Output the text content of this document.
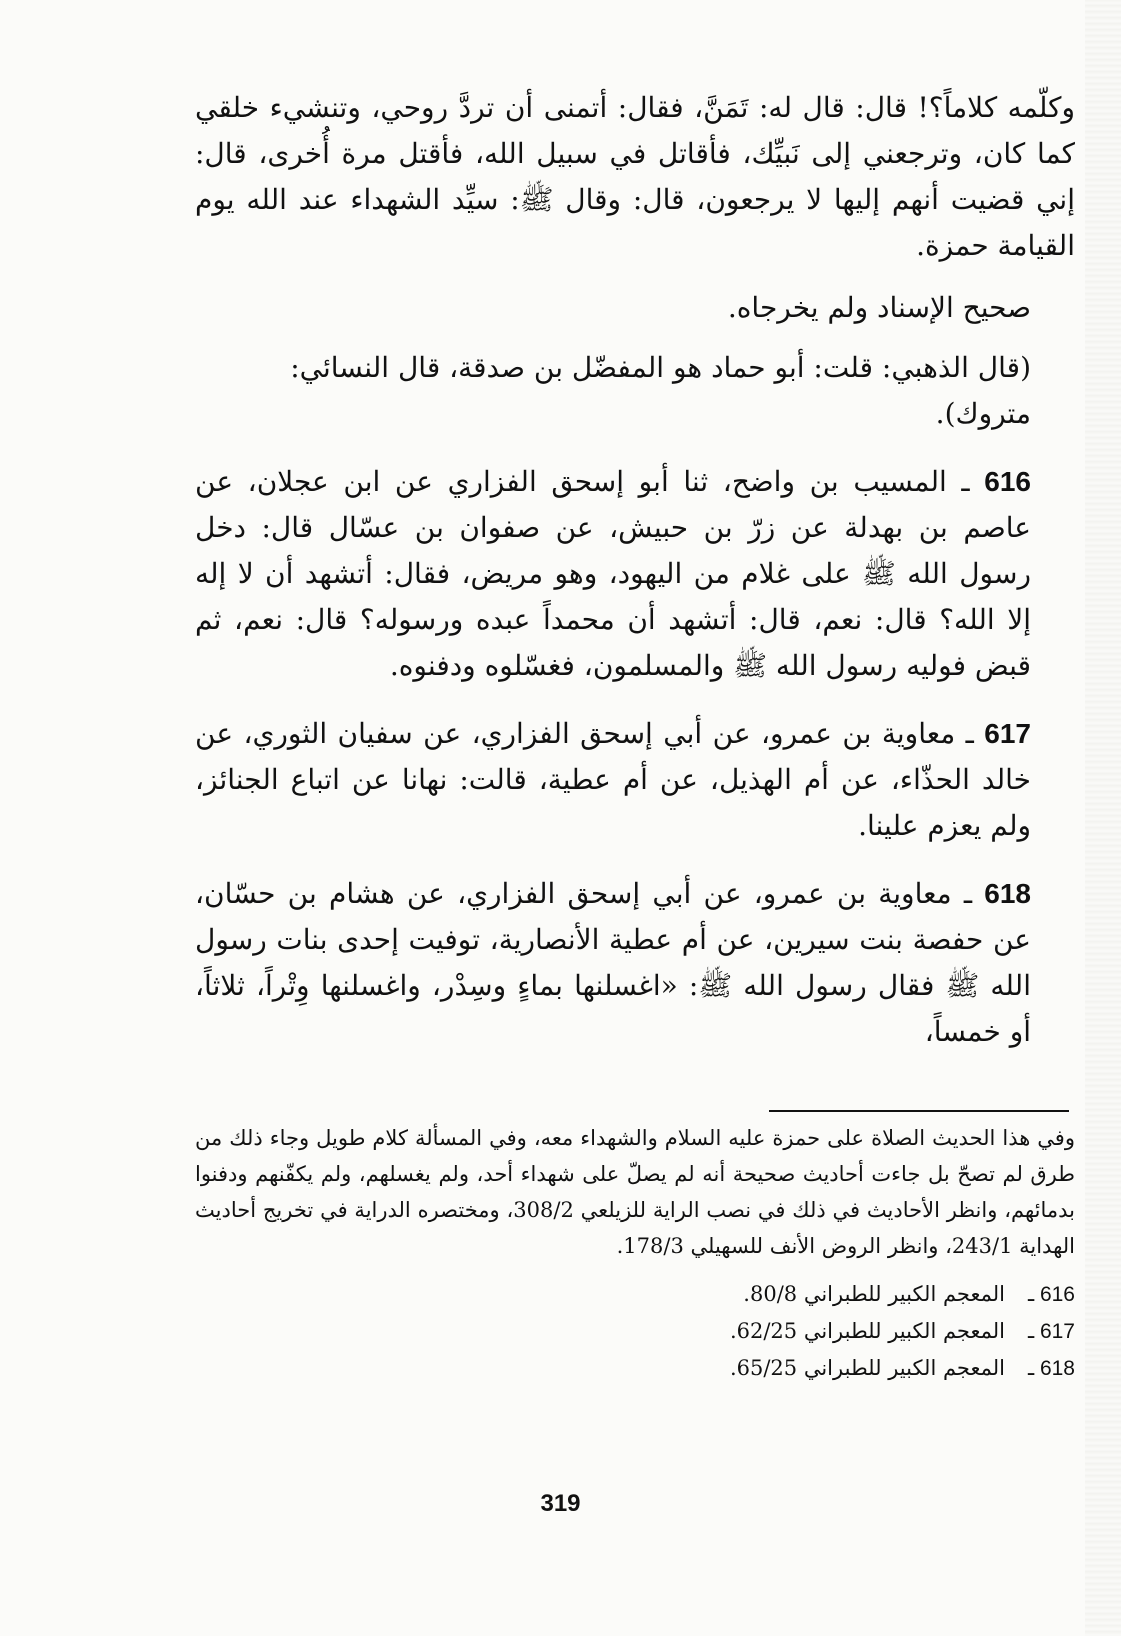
وكلّمه كلاماً؟! قال: قال له: تَمَنَّ، فقال: أتمنى أن تردَّ روحي، وتنشيء خلقي كما كان، وترجعني إلى نَبيِّك، فأقاتل في سبيل الله، فأقتل مرة أُخرى، قال: إني قضيت أنهم إليها لا يرجعون، قال: وقال ﷺ: سيِّد الشهداء عند الله يوم القيامة حمزة.

صحيح الإسناد ولم يخرجاه.

(قال الذهبي: قلت: أبو حماد هو المفضّل بن صدقة، قال النسائي: متروك).

616 ـ المسيب بن واضح، ثنا أبو إسحق الفزاري عن ابن عجلان، عن عاصم بن بهدلة عن زرّ بن حبيش، عن صفوان بن عسّال قال: دخل رسول الله ﷺ على غلام من اليهود، وهو مريض، فقال: أتشهد أن لا إله إلا الله؟ قال: نعم، قال: أتشهد أن محمداً عبده ورسوله؟ قال: نعم، ثم قبض فوليه رسول الله ﷺ والمسلمون، فغسّلوه ودفنوه.

617 ـ معاوية بن عمرو، عن أبي إسحق الفزاري، عن سفيان الثوري، عن خالد الحذّاء، عن أم الهذيل، عن أم عطية، قالت: نهانا عن اتباع الجنائز، ولم يعزم علينا.

618 ـ معاوية بن عمرو، عن أبي إسحق الفزاري، عن هشام بن حسّان، عن حفصة بنت سيرين، عن أم عطية الأنصارية، توفيت إحدى بنات رسول الله ﷺ فقال رسول الله ﷺ: «اغسلنها بماءٍ وسِدْر، واغسلنها وِتْراً، ثلاثاً، أو خمساً،

وفي هذا الحديث الصلاة على حمزة عليه السلام والشهداء معه، وفي المسألة كلام طويل وجاء ذلك من طرق لم تصحّ بل جاءت أحاديث صحيحة أنه لم يصلّ على شهداء أحد، ولم يغسلهم، ولم يكفّنهم ودفنوا بدمائهم، وانظر الأحاديث في ذلك في نصب الراية للزيلعي 308/2، ومختصره الدراية في تخريج أحاديث الهداية 243/1، وانظر الروض الأنف للسهيلي 178/3.

616 ـ
المعجم الكبير للطبراني 80/8.
617 ـ
المعجم الكبير للطبراني 62/25.
618 ـ
المعجم الكبير للطبراني 65/25.
319
